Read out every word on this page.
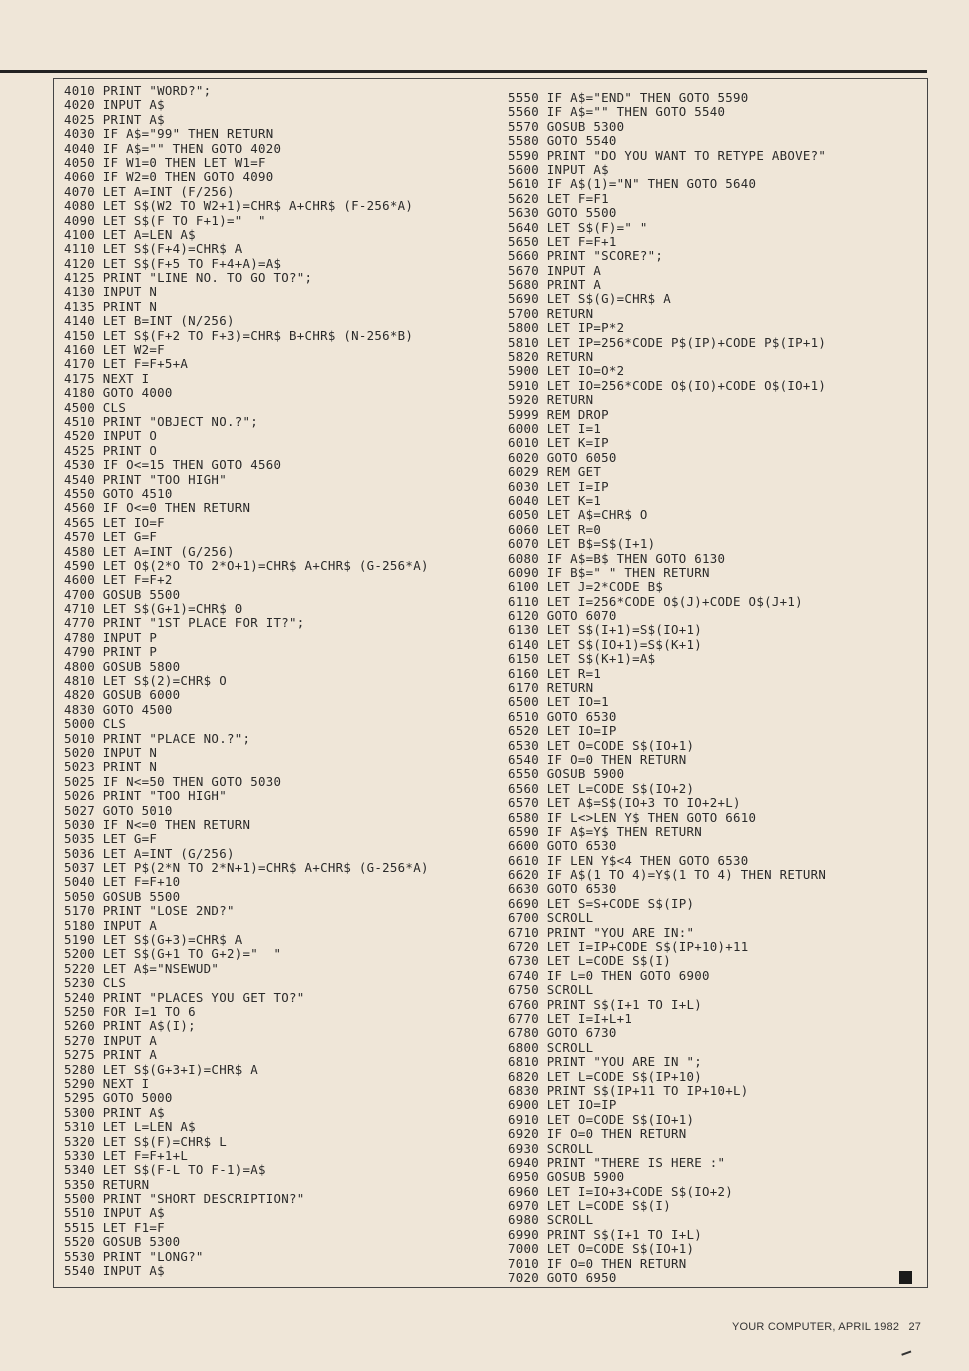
4010 PRINT "WORD?";
4020 INPUT A$
4025 PRINT A$
4030 IF A$="99" THEN RETURN
4040 IF A$="" THEN GOTO 4020
4050 IF W1=0 THEN LET W1=F
4060 IF W2=0 THEN GOTO 4090
4070 LET A=INT (F/256)
4080 LET S$(W2 TO W2+1)=CHR$ A+CHR$ (F-256*A)
4090 LET S$(F TO F+1)="  "
4100 LET A=LEN A$
4110 LET S$(F+4)=CHR$ A
4120 LET S$(F+5 TO F+4+A)=A$
4125 PRINT "LINE NO. TO GO TO?";
4130 INPUT N
4135 PRINT N
4140 LET B=INT (N/256)
4150 LET S$(F+2 TO F+3)=CHR$ B+CHR$ (N-256*B)
4160 LET W2=F
4170 LET F=F+5+A
4175 NEXT I
4180 GOTO 4000
4500 CLS
4510 PRINT "OBJECT NO.?";
4520 INPUT O
4525 PRINT O
4530 IF O<=15 THEN GOTO 4560
4540 PRINT "TOO HIGH"
4550 GOTO 4510
4560 IF O<=0 THEN RETURN
4565 LET IO=F
4570 LET G=F
4580 LET A=INT (G/256)
4590 LET O$(2*O TO 2*O+1)=CHR$ A+CHR$ (G-256*A)
4600 LET F=F+2
4700 GOSUB 5500
4710 LET S$(G+1)=CHR$ 0
4770 PRINT "1ST PLACE FOR IT?";
4780 INPUT P
4790 PRINT P
4800 GOSUB 5800
4810 LET S$(2)=CHR$ O
4820 GOSUB 6000
4830 GOTO 4500
5000 CLS
5010 PRINT "PLACE NO.?";
5020 INPUT N
5023 PRINT N
5025 IF N<=50 THEN GOTO 5030
5026 PRINT "TOO HIGH"
5027 GOTO 5010
5030 IF N<=0 THEN RETURN
5035 LET G=F
5036 LET A=INT (G/256)
5037 LET P$(2*N TO 2*N+1)=CHR$ A+CHR$ (G-256*A)
5040 LET F=F+10
5050 GOSUB 5500
5170 PRINT "LOSE 2ND?"
5180 INPUT A
5190 LET S$(G+3)=CHR$ A
5200 LET S$(G+1 TO G+2)="  "
5220 LET A$="NSEWUD"
5230 CLS
5240 PRINT "PLACES YOU GET TO?"
5250 FOR I=1 TO 6
5260 PRINT A$(I);
5270 INPUT A
5275 PRINT A
5280 LET S$(G+3+I)=CHR$ A
5290 NEXT I
5295 GOTO 5000
5300 PRINT A$
5310 LET L=LEN A$
5320 LET S$(F)=CHR$ L
5330 LET F=F+1+L
5340 LET S$(F-L TO F-1)=A$
5350 RETURN
5500 PRINT "SHORT DESCRIPTION?"
5510 INPUT A$
5515 LET F1=F
5520 GOSUB 5300
5530 PRINT "LONG?"
5540 INPUT A$
5550 IF A$="END" THEN GOTO 5590
5560 IF A$="" THEN GOTO 5540
5570 GOSUB 5300
5580 GOTO 5540
5590 PRINT "DO YOU WANT TO RETYPE ABOVE?"
5600 INPUT A$
5610 IF A$(1)="N" THEN GOTO 5640
5620 LET F=F1
5630 GOTO 5500
5640 LET S$(F)=" "
5650 LET F=F+1
5660 PRINT "SCORE?";
5670 INPUT A
5680 PRINT A
5690 LET S$(G)=CHR$ A
5700 RETURN
5800 LET IP=P*2
5810 LET IP=256*CODE P$(IP)+CODE P$(IP+1)
5820 RETURN
5900 LET IO=O*2
5910 LET IO=256*CODE O$(IO)+CODE O$(IO+1)
5920 RETURN
5999 REM DROP
6000 LET I=1
6010 LET K=IP
6020 GOTO 6050
6029 REM GET
6030 LET I=IP
6040 LET K=1
6050 LET A$=CHR$ O
6060 LET R=0
6070 LET B$=S$(I+1)
6080 IF A$=B$ THEN GOTO 6130
6090 IF B$=" " THEN RETURN
6100 LET J=2*CODE B$
6110 LET I=256*CODE O$(J)+CODE O$(J+1)
6120 GOTO 6070
6130 LET S$(I+1)=S$(IO+1)
6140 LET S$(IO+1)=S$(K+1)
6150 LET S$(K+1)=A$
6160 LET R=1
6170 RETURN
6500 LET IO=1
6510 GOTO 6530
6520 LET IO=IP
6530 LET O=CODE S$(IO+1)
6540 IF O=0 THEN RETURN
6550 GOSUB 5900
6560 LET L=CODE S$(IO+2)
6570 LET A$=S$(IO+3 TO IO+2+L)
6580 IF L<>LEN Y$ THEN GOTO 6610
6590 IF A$=Y$ THEN RETURN
6600 GOTO 6530
6610 IF LEN Y$<4 THEN GOTO 6530
6620 IF A$(1 TO 4)=Y$(1 TO 4) THEN RETURN
6630 GOTO 6530
6690 LET S=S+CODE S$(IP)
6700 SCROLL
6710 PRINT "YOU ARE IN:"
6720 LET I=IP+CODE S$(IP+10)+11
6730 LET L=CODE S$(I)
6740 IF L=0 THEN GOTO 6900
6750 SCROLL
6760 PRINT S$(I+1 TO I+L)
6770 LET I=I+L+1
6780 GOTO 6730
6800 SCROLL
6810 PRINT "YOU ARE IN ";
6820 LET L=CODE S$(IP+10)
6830 PRINT S$(IP+11 TO IP+10+L)
6900 LET IO=IP
6910 LET O=CODE S$(IO+1)
6920 IF O=0 THEN RETURN
6930 SCROLL
6940 PRINT "THERE IS HERE :"
6950 GOSUB 5900
6960 LET I=IO+3+CODE S$(IO+2)
6970 LET L=CODE S$(I)
6980 SCROLL
6990 PRINT S$(I+1 TO I+L)
7000 LET O=CODE S$(IO+1)
7010 IF O=0 THEN RETURN
7020 GOTO 6950
YOUR COMPUTER, APRIL 1982 27
